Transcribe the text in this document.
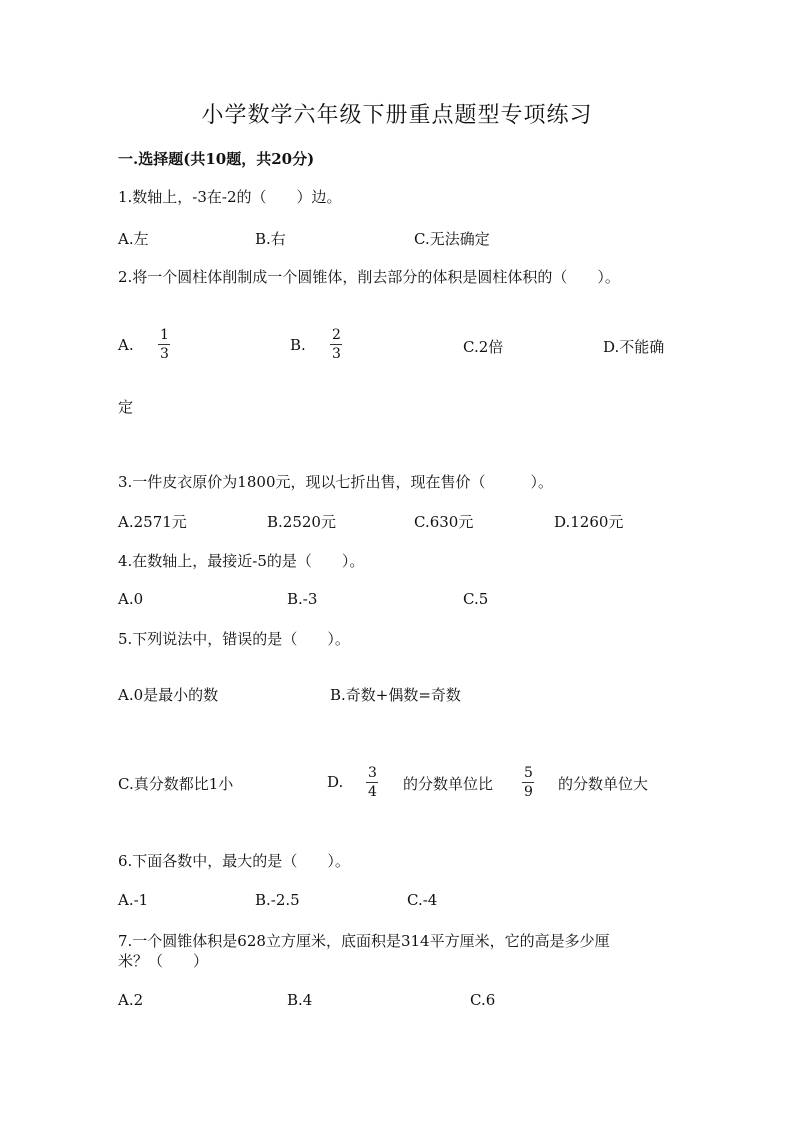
小学数学六年级下册重点题型专项练习
一.选择题(共10题，共20分)
1.数轴上，-3在-2的（　　）边。
A.左	B.右	C.无法确定
2.将一个圆柱体削制成一个圆锥体，削去部分的体积是圆柱体积的（　　）。
A.
1
3	B.
2
3	C.2倍	D.不能确
定
3.一件皮衣原价为1800元，现以七折出售，现在售价（　　　）。
A.2571元	B.2520元	C.630元	D.1260元
4.在数轴上，最接近-5的是（　　）。
A.0	B.-3	C.5
5.下列说法中，错误的是（　　）。
A.0是最小的数	B.奇数+偶数=奇数
C.真分数都比1小	D. 3
4 的分数单位比
5
9 的分数单位大
6.下面各数中，最大的是（　　）。
A.-1	B.-2.5	C.-4
7.一个圆锥体积是628立方厘米，底面积是314平方厘米，它的高是多少厘
米？（　　）
A.2	B.4	C.6
